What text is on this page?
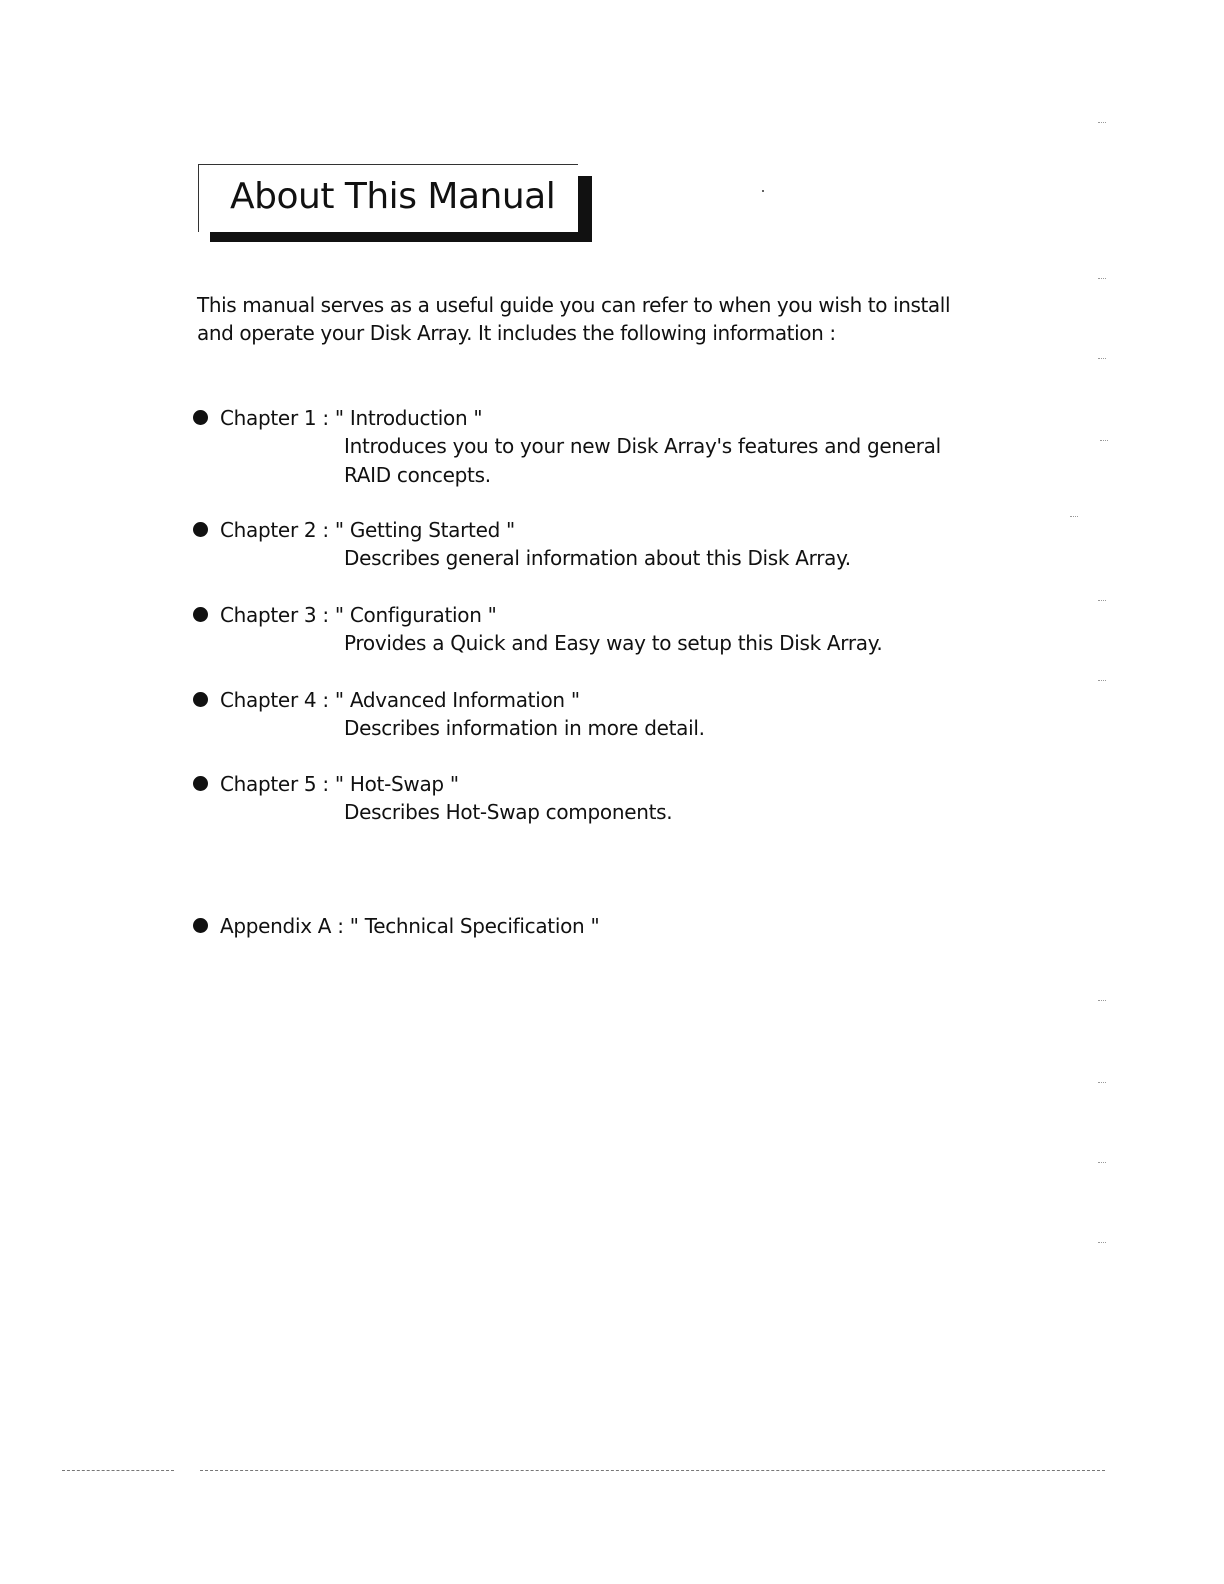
About This Manual
This manual serves as a useful guide you can refer to when you wish to install and operate your Disk Array. It includes the following information :
Chapter 1 : " Introduction "
Introduces you to your new Disk Array's features and general RAID concepts.
Chapter 2 : " Getting Started "
Describes general information about this Disk Array.
Chapter 3 : " Configuration "
Provides a Quick and Easy way to setup this Disk Array.
Chapter 4 : " Advanced Information "
Describes information in more detail.
Chapter 5 : " Hot-Swap "
Describes Hot-Swap components.
Appendix A : " Technical Specification "
